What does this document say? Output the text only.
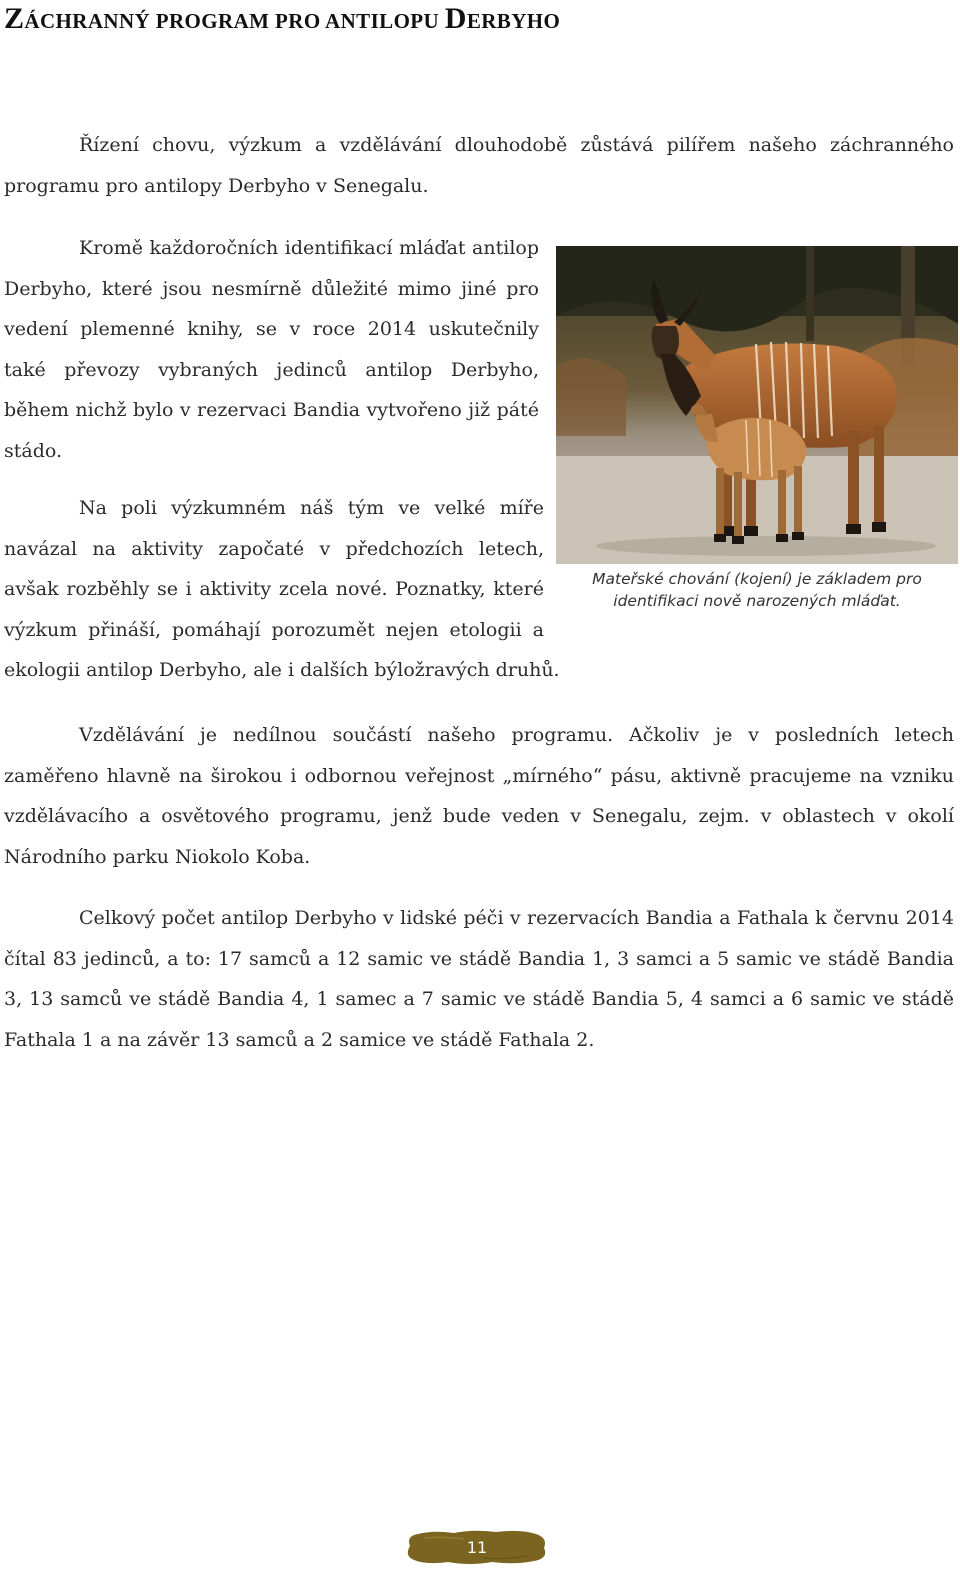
ZÁCHRANNÝ PROGRAM PRO ANTILOPU DERBYHO

Řízení chovu, výzkum a vzdělávání dlouhodobě zůstává pilířem našeho záchranného programu pro antilopy Derbyho v Senegalu.

Kromě každoročních identifikací mláďat antilop Derbyho, které jsou nesmírně důležité mimo jiné pro vedení plemenné knihy, se v roce 2014 uskutečnily také převozy vybraných jedinců antilop Derbyho, během nichž bylo v rezervaci Bandia vytvořeno již páté stádo.

Na poli výzkumném náš tým ve velké míře navázal na aktivity započaté v předchozích letech, avšak rozběhly se i aktivity zcela nové. Poznatky, které výzkum přináší, pomáhají porozumět nejen etologii a ekologii antilop Derbyho, ale i dalších býložravých druhů.

Vzdělávání je nedílnou součástí našeho programu. Ačkoliv je v posledních letech zaměřeno hlavně na širokou i odbornou veřejnost „mírného“ pásu, aktivně pracujeme na vzniku vzdělávacího a osvětového programu, jenž bude veden v Senegalu, zejm. v oblastech v okolí Národního parku Niokolo Koba.

Celkový počet antilop Derbyho v lidské péči v rezervacích Bandia a Fathala k červnu 2014 čítal 83 jedinců, a to: 17 samců a 12 samic ve stádě Bandia 1, 3 samci a 5 samic ve stádě Bandia 3, 13 samců ve stádě Bandia 4, 1 samec a 7 samic ve stádě Bandia 5, 4 samci a 6 samic ve stádě Fathala 1 a na závěr 13 samců a 2 samice ve stádě Fathala 2.

Mateřské chování (kojení) je základem pro
identifikaci nově narozených mláďat.
11
